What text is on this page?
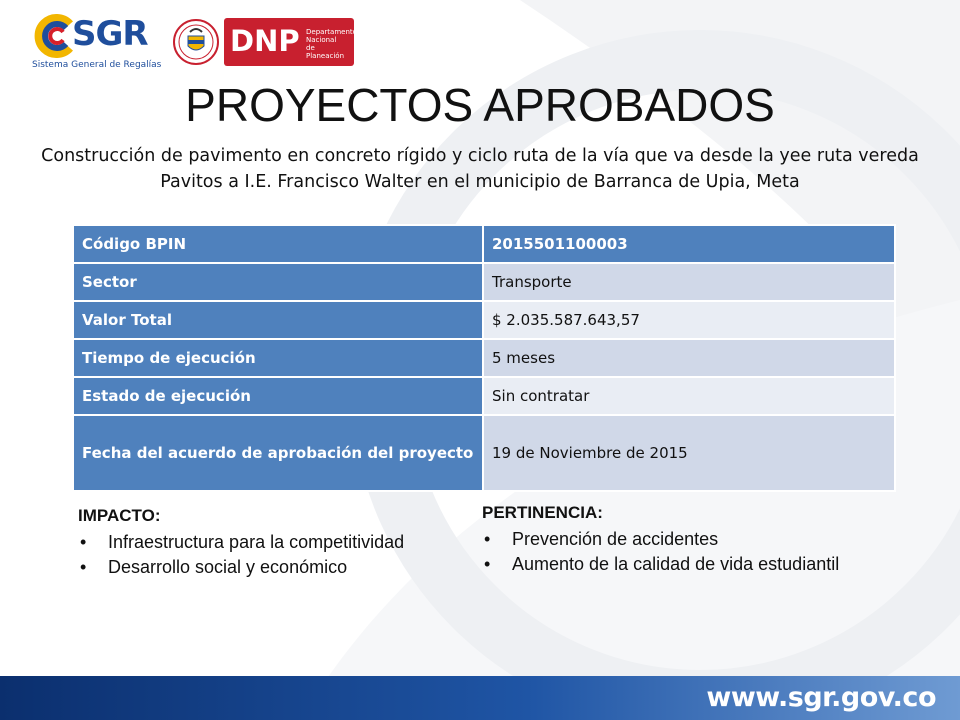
SGR
Sistema General de Regalías
DNP Departamento
Nacional
de Planeación
PROYECTOS APROBADOS
Construcción de pavimento en concreto rígido y ciclo ruta de la vía que va desde la yee ruta vereda Pavitos a I.E. Francisco Walter en el municipio de Barranca de Upia, Meta
Código BPIN	2015501100003
Sector	Transporte
Valor Total	$ 2.035.587.643,57
Tiempo de ejecución	5 meses
Estado de ejecución	Sin contratar
Fecha del acuerdo de aprobación del proyecto	19 de Noviembre de 2015
IMPACTO:
• Infraestructura para la competitividad
• Desarrollo social y económico
PERTINENCIA:
• Prevención de accidentes
• Aumento de la calidad de vida estudiantil
www.sgr.gov.co
